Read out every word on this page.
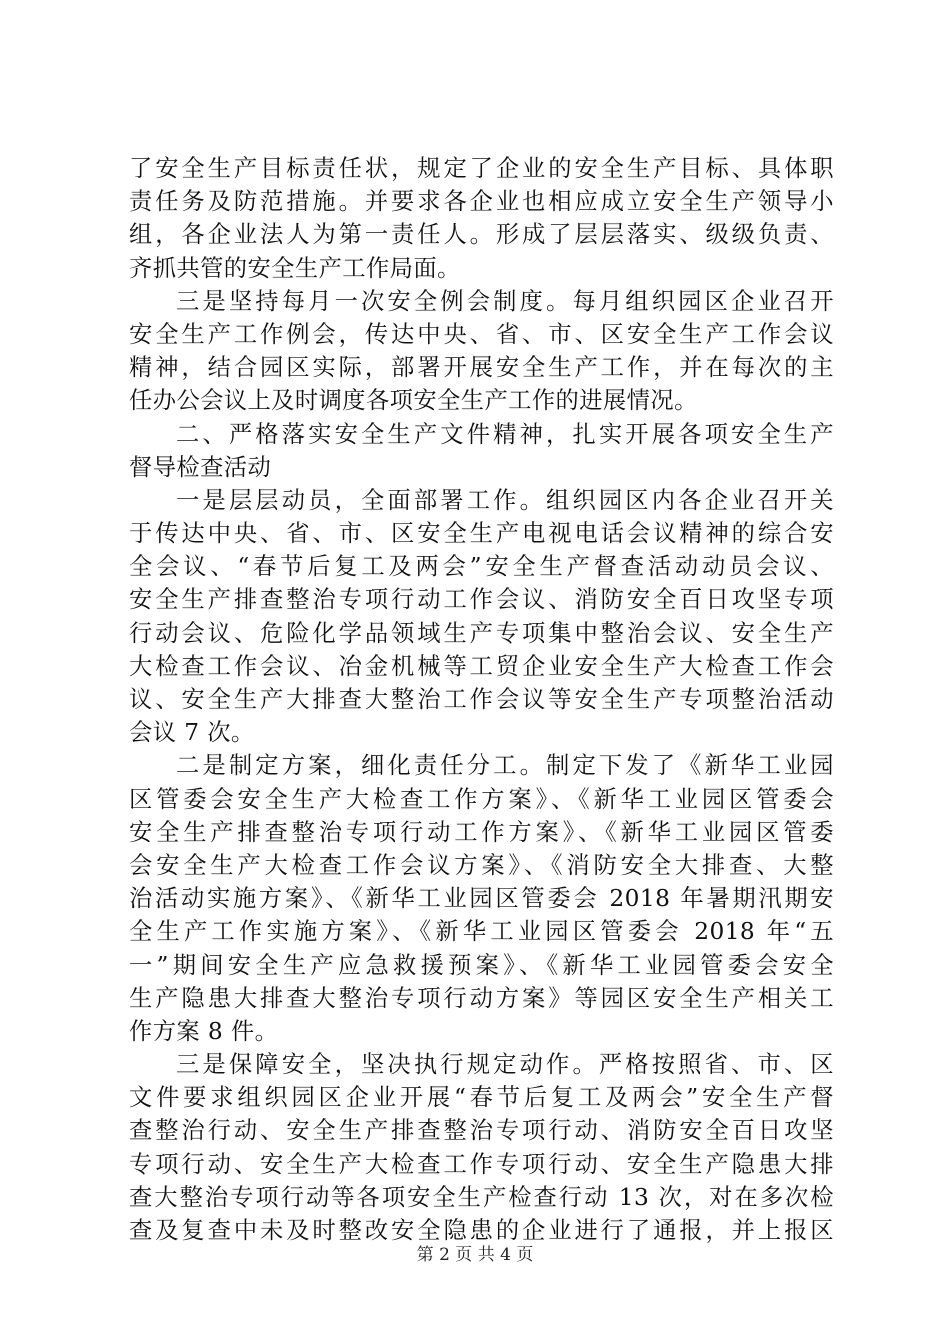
了安全生产目标责任状，规定了企业的安全生产目标、具体职
责任务及防范措施。并要求各企业也相应成立安全生产领导小
组，各企业法人为第一责任人。形成了层层落实、级级负责、
齐抓共管的安全生产工作局面。
三是坚持每月一次安全例会制度。每月组织园区企业召开
安全生产工作例会，传达中央、省、市、区安全生产工作会议
精神，结合园区实际，部署开展安全生产工作，并在每次的主
任办公会议上及时调度各项安全生产工作的进展情况。
二、严格落实安全生产文件精神，扎实开展各项安全生产
督导检查活动
一是层层动员，全面部署工作。组织园区内各企业召开关
于传达中央、省、市、区安全生产电视电话会议精神的综合安
全会议、“春节后复工及两会”安全生产督查活动动员会议、
安全生产排查整治专项行动工作会议、消防安全百日攻坚专项
行动会议、危险化学品领域生产专项集中整治会议、安全生产
大检查工作会议、冶金机械等工贸企业安全生产大检查工作会
议、安全生产大排查大整治工作会议等安全生产专项整治活动
会议 7 次。
二是制定方案，细化责任分工。制定下发了《新华工业园
区管委会安全生产大检查工作方案》、《新华工业园区管委会
安全生产排查整治专项行动工作方案》、《新华工业园区管委
会安全生产大检查工作会议方案》、《消防安全大排查、大整
治活动实施方案》、《新华工业园区管委会 2018 年暑期汛期安
全生产工作实施方案》、《新华工业园区管委会 2018 年“五
一”期间安全生产应急救援预案》、《新华工业园管委会安全
生产隐患大排查大整治专项行动方案》等园区安全生产相关工
作方案 8 件。
三是保障安全，坚决执行规定动作。严格按照省、市、区
文件要求组织园区企业开展“春节后复工及两会”安全生产督
查整治行动、安全生产排查整治专项行动、消防安全百日攻坚
专项行动、安全生产大检查工作专项行动、安全生产隐患大排
查大整治专项行动等各项安全生产检查行动 13 次，对在多次检
查及复查中未及时整改安全隐患的企业进行了通报，并上报区
第 2 页 共 4 页
